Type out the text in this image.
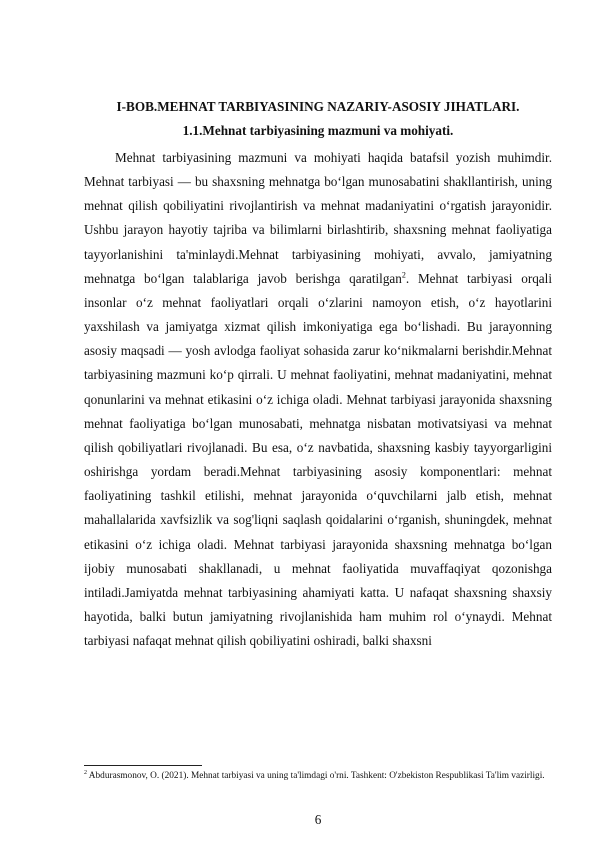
I-BOB.MEHNAT TARBIYASINING NAZARIY-ASOSIY JIHATLARI.
1.1.Mehnat tarbiyasining mazmuni va mohiyati.

Mehnat tarbiyasining mazmuni va mohiyati haqida batafsil yozish muhimdir. Mehnat tarbiyasi — bu shaxsning mehnatga bo‘lgan munosabatini shakllantirish, uning mehnat qilish qobiliyatini rivojlantirish va mehnat madaniyatini o‘rgatish jarayonidir. Ushbu jarayon hayotiy tajriba va bilimlarni birlashtirib, shaxsning mehnat faoliyatiga tayyorlanishini ta'minlaydi.Mehnat tarbiyasining mohiyati, avvalo, jamiyatning mehnatga bo‘lgan talablariga javob berishga qaratilgan$^2$. Mehnat tarbiyasi orqali insonlar o‘z mehnat faoliyatlari orqali o‘zlarini namoyon etish, o‘z hayotlarini yaxshilash va jamiyatga xizmat qilish imkoniyatiga ega bo‘lishadi. Bu jarayonning asosiy maqsadi — yosh avlodga faoliyat sohasida zarur ko‘nikmalarni berishdir.Mehnat tarbiyasining mazmuni ko‘p qirrali. U mehnat faoliyatini, mehnat madaniyatini, mehnat qonunlarini va mehnat etikasini o‘z ichiga oladi. Mehnat tarbiyasi jarayonida shaxsning mehnat faoliyatiga bo‘lgan munosabati, mehnatga nisbatan motivatsiyasi va mehnat qilish qobiliyatlari rivojlanadi. Bu esa, o‘z navbatida, shaxsning kasbiy tayyorgarligini oshirishga yordam beradi.Mehnat tarbiyasining asosiy komponentlari: mehnat faoliyatining tashkil etilishi, mehnat jarayonida o‘quvchilarni jalb etish, mehnat mahallalarida xavfsizlik va sog'liqni saqlash qoidalarini o‘rganish, shuningdek, mehnat etikasini o‘z ichiga oladi. Mehnat tarbiyasi jarayonida shaxsning mehnatga bo‘lgan ijobiy munosabati shakllanadi, u mehnat faoliyatida muvaffaqiyat qozonishga intiladi.Jamiyatda mehnat tarbiyasining ahamiyati katta. U nafaqat shaxsning shaxsiy hayotida, balki butun jamiyatning rivojlanishida ham muhim rol o‘ynaydi. Mehnat tarbiyasi nafaqat mehnat qilish qobiliyatini oshiradi, balki shaxsni

$^2$ Abdurasmonov, O. (2021). Mehnat tarbiyasi va uning ta'limdagi o'rni. Tashkent: O'zbekiston Respublikasi Ta'lim vazirligi.

6
